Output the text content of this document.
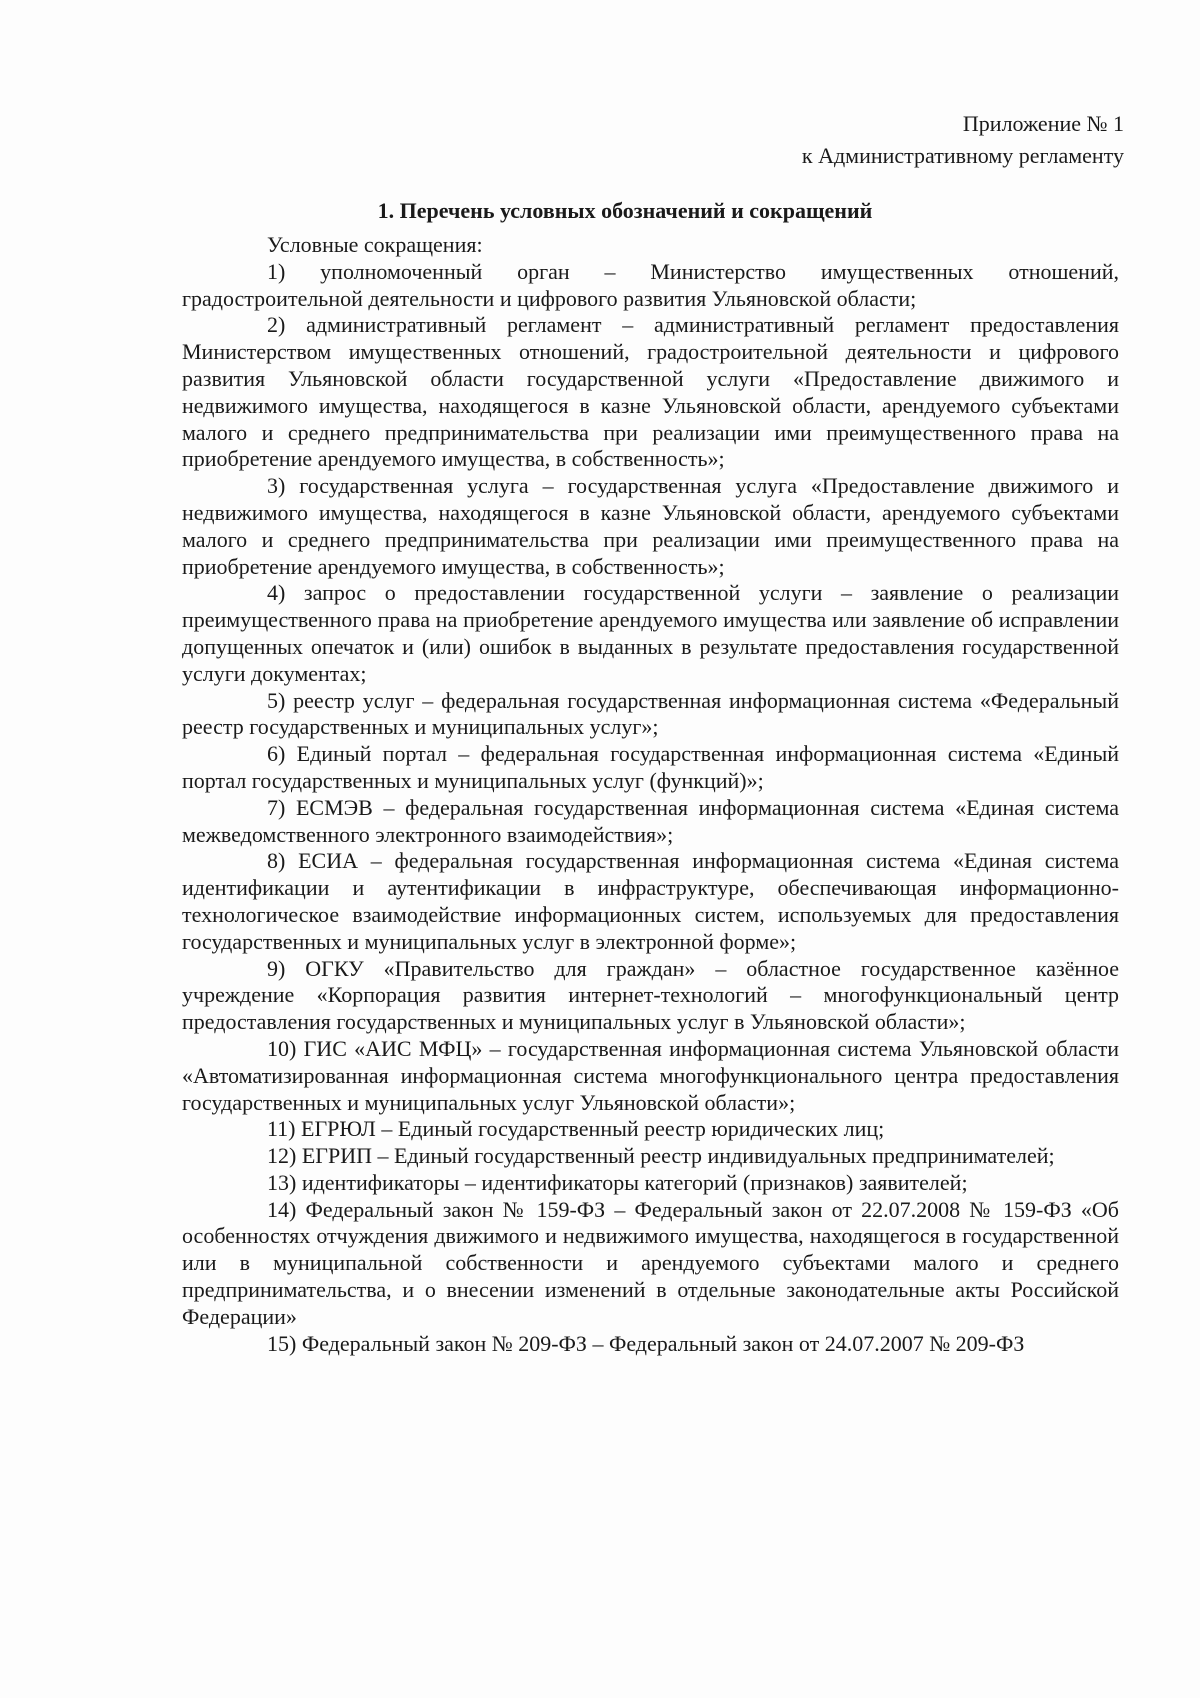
Приложение № 1
к Административному регламенту
1. Перечень условных обозначений и сокращений

Условные сокращения:

1) уполномоченный орган – Министерство имущественных отношений, градостроительной деятельности и цифрового развития Ульяновской области;

2) административный регламент – административный регламент предоставления Министерством имущественных отношений, градостроительной деятельности и цифрового развития Ульяновской области государственной услуги «Предоставление движимого и недвижимого имущества, находящегося в казне Ульяновской области, арендуемого субъектами малого и среднего предпринимательства при реализации ими преимущественного права на приобретение арендуемого имущества, в собственность»;

3) государственная услуга – государственная услуга «Предоставление движимого и недвижимого имущества, находящегося в казне Ульяновской области, арендуемого субъектами малого и среднего предпринимательства при реализации ими преимущественного права на приобретение арендуемого имущества, в собственность»;

4) запрос о предоставлении государственной услуги – заявление о реализации преимущественного права на приобретение арендуемого имущества или заявление об исправлении допущенных опечаток и (или) ошибок в выданных в результате предоставления государственной услуги документах;

5) реестр услуг – федеральная государственная информационная система «Федеральный реестр государственных и муниципальных услуг»;

6) Единый портал – федеральная государственная информационная система «Единый портал государственных и муниципальных услуг (функций)»;

7) ЕСМЭВ – федеральная государственная информационная система «Единая система межведомственного электронного взаимодействия»;

8) ЕСИА – федеральная государственная информационная система «Единая система идентификации и аутентификации в инфраструктуре, обеспечивающая информационно-технологическое взаимодействие информационных систем, используемых для предоставления государственных и муниципальных услуг в электронной форме»;

9) ОГКУ «Правительство для граждан» – областное государственное казённое учреждение «Корпорация развития интернет-технологий – многофункциональный центр предоставления государственных и муниципальных услуг в Ульяновской области»;

10) ГИС «АИС МФЦ» – государственная информационная система Ульяновской области «Автоматизированная информационная система многофункционального центра предоставления государственных и муниципальных услуг Ульяновской области»;

11) ЕГРЮЛ – Единый государственный реестр юридических лиц;

12) ЕГРИП – Единый государственный реестр индивидуальных предпринимателей;

13) идентификаторы – идентификаторы категорий (признаков) заявителей;

14) Федеральный закон № 159-ФЗ – Федеральный закон от 22.07.2008 № 159-ФЗ «Об особенностях отчуждения движимого и недвижимого имущества, находящегося в государственной или в муниципальной собственности и арендуемого субъектами малого и среднего предпринимательства, и о внесении изменений в отдельные законодательные акты Российской Федерации»

15) Федеральный закон № 209-ФЗ – Федеральный закон от 24.07.2007 № 209-ФЗ
